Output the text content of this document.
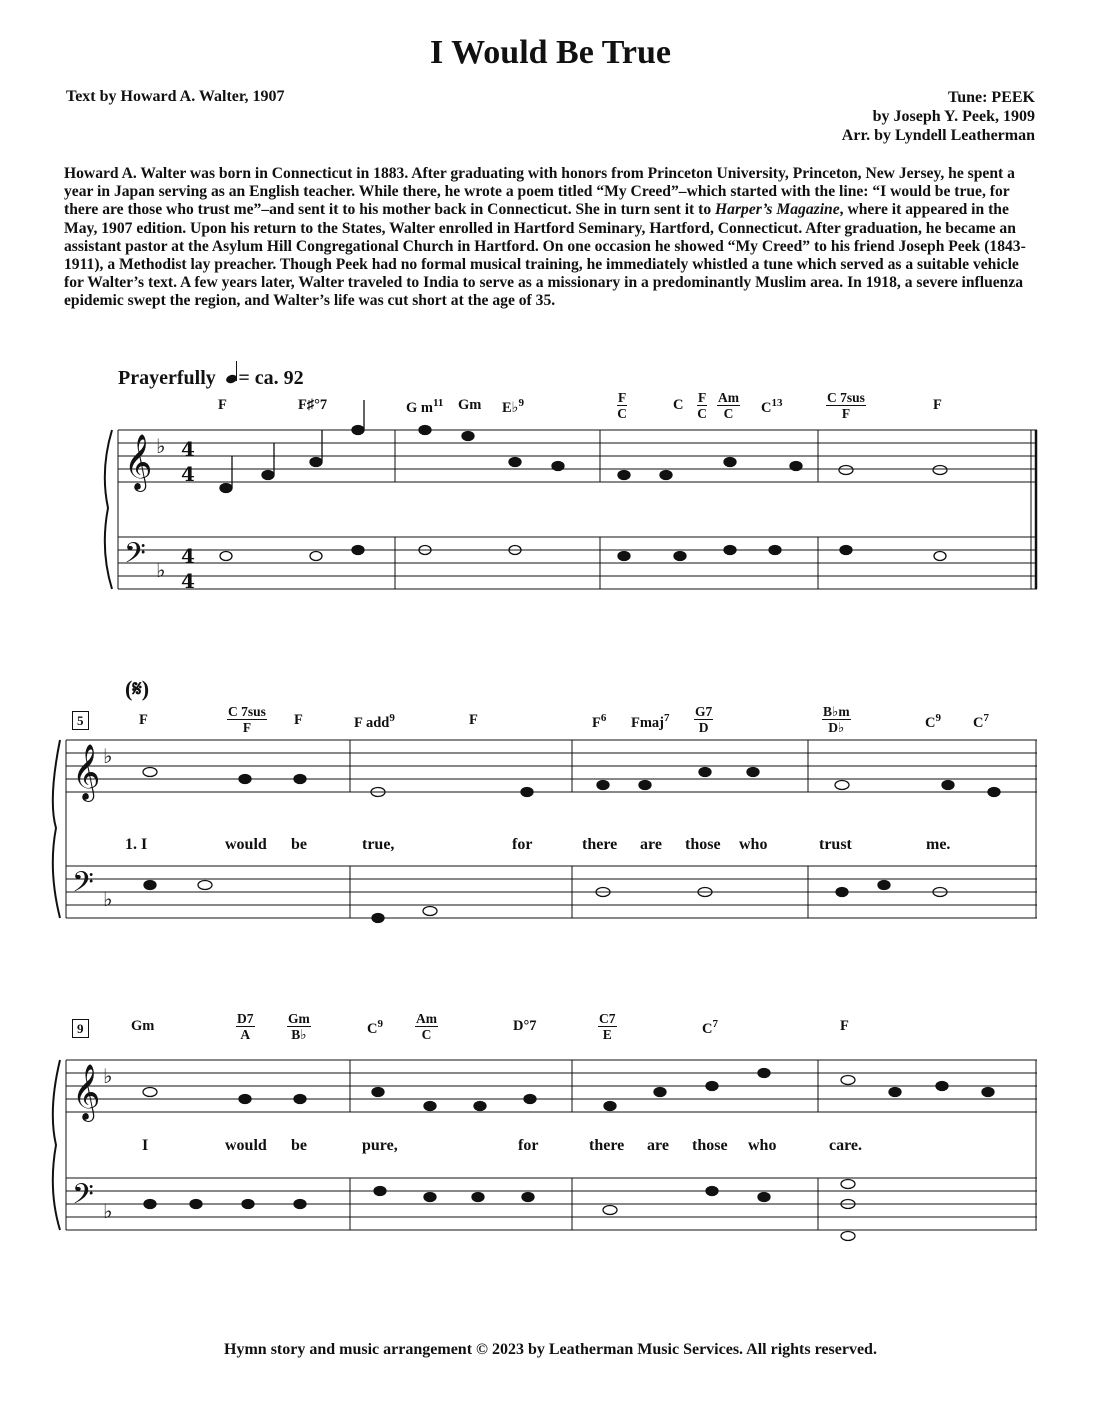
I Would Be True
Text by Howard A. Walter, 1907	Tune: PEEK
by Joseph Y. Peek, 1909
Arr. by Lyndell Leatherman
Howard A. Walter was born in Connecticut in 1883. After graduating with honors from Princeton University, Princeton, New Jersey, he spent a year in Japan serving as an English teacher. While there, he wrote a poem titled “My Creed”–which started with the line: “I would be true, for there are those who trust me”–and sent it to his mother back in Connecticut. She in turn sent it to Harper’s Magazine, where it appeared in the May, 1907 edition. Upon his return to the States, Walter enrolled in Hartford Seminary, Hartford, Connecticut. After graduation, he became an assistant pastor at the Asylum Hill Congregational Church in Hartford. On one occasion he showed “My Creed” to his friend Joseph Peek (1843-1911), a Methodist lay preacher. Though Peek had no formal musical training, he immediately whistled a tune which served as a suitable vehicle for Walter’s text. A few years later, Walter traveled to India to serve as a missionary in a predominantly Muslim area. In 1918, a severe influenza epidemic swept the region, and Walter’s life was cut short at the age of 35.
Prayerfully = ca. 92
𝄞
𝄢
♭
♭
4
4
4
4
𝄞
𝄢
♭
♭
𝄞
𝄢
♭
♭
F	F♯°7	G $m^{11}$ Gm E♭$^9$	$\frac{F}{C}$	C $\frac{F}{C} \frac{Am}{C} C^{13}$	C 7sus
F
F
(𝄋)
5	F
C 7sus
F	F	F add$^9$	F	$F^6$ Fmaj$^7$ $\frac{G7}{D}$	$\frac{B♭m}{D♭}$	$C^9$ $C^7$
1. I	would be	true,	for	there are those who	trust	me.
9	Gm	$\frac{D7}{A} \frac{Gm}{B♭}$	$C^9 \frac{Am}{C}$	D°7	$\frac{C7}{E}$	$C^7$	F
I	would be	pure,	for	there are those who	care.
Hymn story and music arrangement © 2023 by Leatherman Music Services. All rights reserved.
